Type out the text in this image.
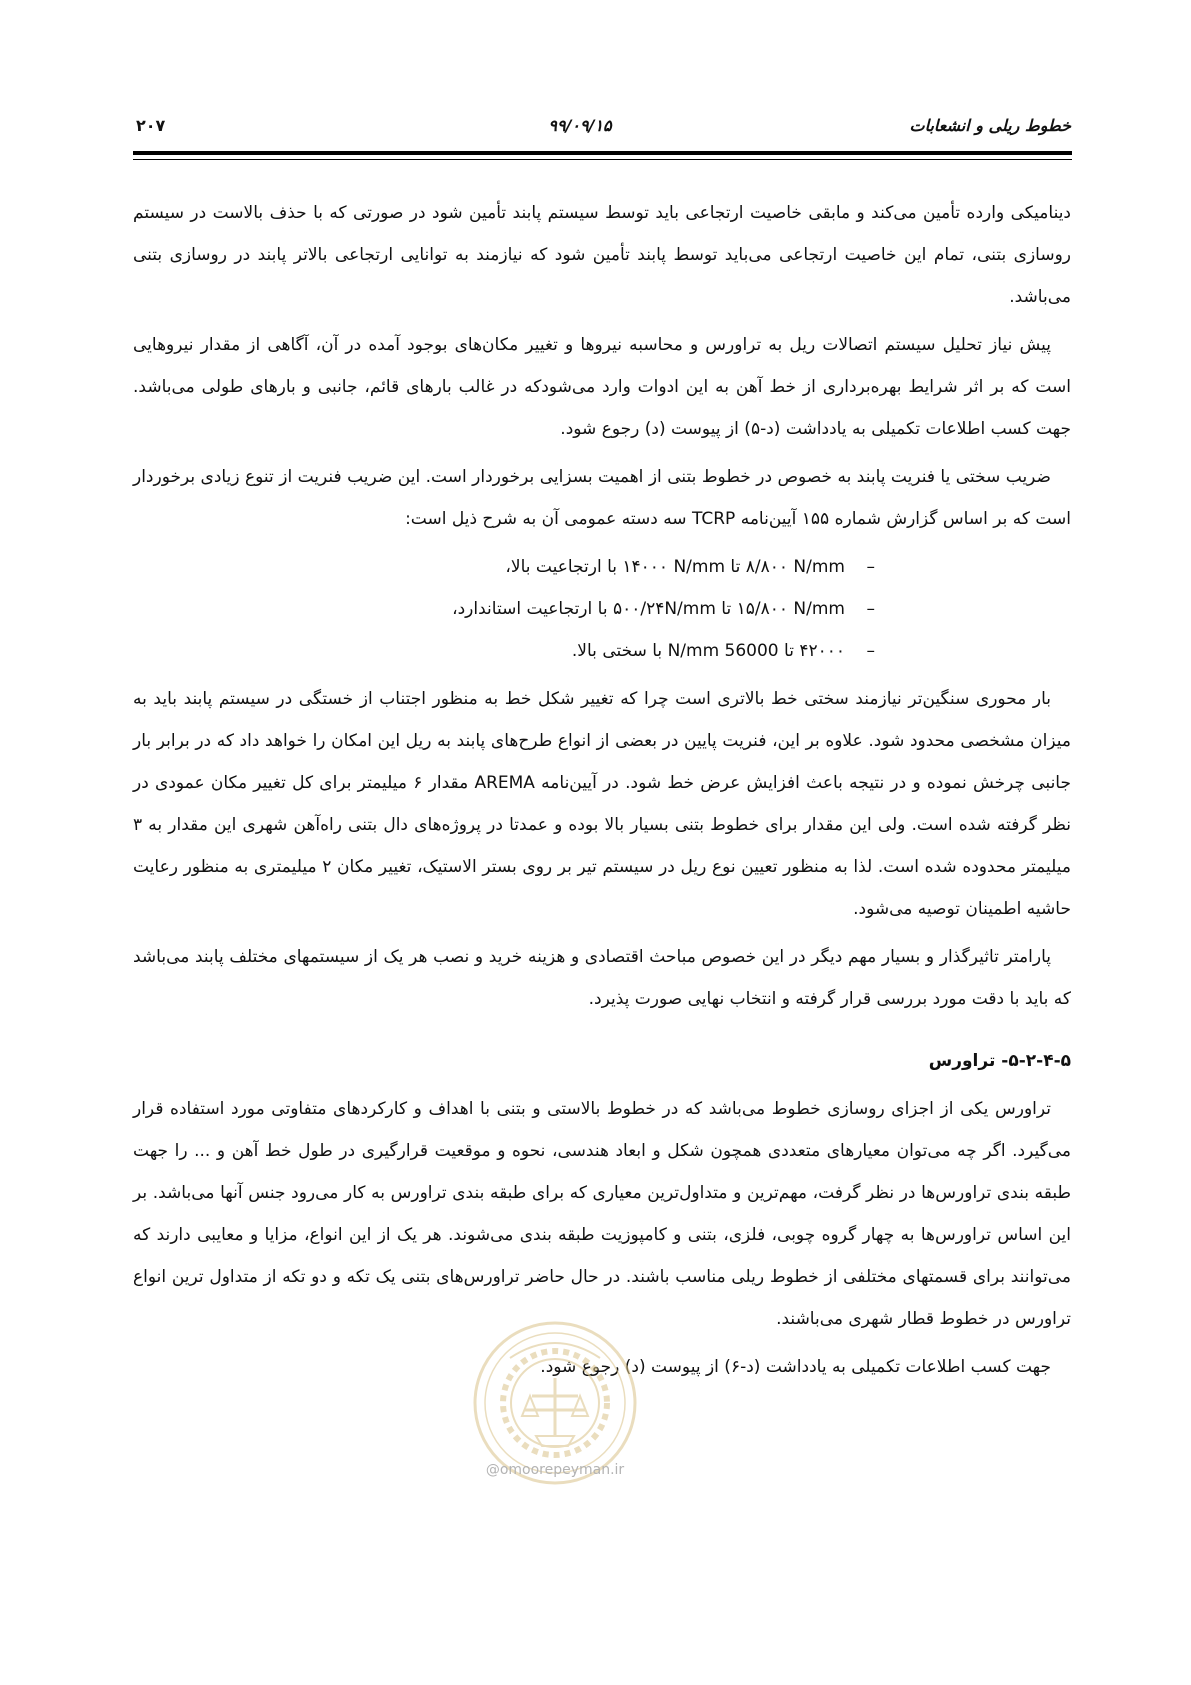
خطوط ریلی و انشعابات
۹۹/۰۹/۱۵
۲۰۷

دینامیکی وارده تأمین می‌کند و مابقی خاصیت ارتجاعی باید توسط سیستم پابند تأمین شود در صورتی که با حذف بالاست در سیستم روسازی بتنی، تمام این خاصیت ارتجاعی می‌باید توسط پابند تأمین شود که نیازمند به توانایی ارتجاعی بالاتر پابند در روسازی بتنی می‌باشد.

پیش نیاز تحلیل سیستم اتصالات ریل به تراورس و محاسبه نیروها و تغییر مکان‌های بوجود آمده در آن، آگاهی از مقدار نیروهایی است که بر اثر شرایط بهره‌برداری از خط آهن به این ادوات وارد می‌شودکه در غالب بارهای قائم، جانبی و بارهای طولی می‌باشد. جهت کسب اطلاعات تکمیلی به یادداشت (د-۵) از پیوست (د) رجوع شود.

ضریب سختی یا فنریت پابند به خصوص در خطوط بتنی از اهمیت بسزایی برخوردار است. این ضریب فنریت از تنوع زیادی برخوردار است که بر اساس گزارش شماره ۱۵۵ آیین‌نامه TCRP سه دسته عمومی آن به شرح ذیل است:

–N/mm‏ ۸/۸۰۰ تا N/mm‏ ۱۴۰۰۰ با ارتجاعیت بالا،
–N/mm‏ ۱۵/۸۰۰ تا ۵۰۰/۲۴N/mm با ارتجاعیت استاندارد،
–۴۲۰۰۰ تا N/mm 56000 با سختی بالا.

بار محوری سنگین‌تر نیازمند سختی خط بالاتری است چرا که تغییر شکل خط به منظور اجتناب از خستگی در سیستم پابند باید به میزان مشخصی محدود شود. علاوه بر این، فنریت پایین در بعضی از انواع طرح‌های پابند به ریل این امکان را خواهد داد که در برابر بار جانبی چرخش نموده و در نتیجه باعث افزایش عرض خط شود. در آیین‌نامه AREMA مقدار ۶ میلیمتر برای کل تغییر مکان عمودی در نظر گرفته شده است. ولی این مقدار برای خطوط بتنی بسیار بالا بوده و عمدتا در پروژه‌های دال بتنی راه‌آهن شهری این مقدار به ۳ میلیمتر محدوده شده است. لذا به منظور تعیین نوع ریل در سیستم تیر بر روی بستر الاستیک، تغییر مکان ۲ میلیمتری به منظور رعایت حاشیه اطمینان توصیه می‌شود.

پارامتر تاثیرگذار و بسیار مهم دیگر در این خصوص مباحث اقتصادی و هزینه خرید و نصب هر یک از سیستمهای مختلف پابند می‌باشد که باید با دقت مورد بررسی قرار گرفته و انتخاب نهایی صورت پذیرد.

۵-۲-۴-۵- تراورس

تراورس یکی از اجزای روسازی خطوط می‌باشد که در خطوط بالاستی و بتنی با اهداف و کارکردهای متفاوتی مورد استفاده قرار می‌گیرد. اگر چه می‌توان معیارهای متعددی همچون شکل و ابعاد هندسی، نحوه و موقعیت قرارگیری در طول خط آهن و ... را جهت طبقه بندی تراورس‌ها در نظر گرفت، مهم‌ترین و متداول‌ترین معیاری که برای طبقه بندی تراورس به کار می‌رود جنس آنها می‌باشد. بر این اساس تراورس‌ها به چهار گروه چوبی، فلزی، بتنی و کامپوزیت طبقه بندی می‌شوند. هر یک از این انواع، مزایا و معایبی دارند که می‌توانند برای قسمتهای مختلفی از خطوط ریلی مناسب باشند. در حال حاضر تراورس‌های بتنی یک تکه و دو تکه از متداول ترین انواع تراورس در خطوط قطار شهری می‌باشند.

جهت کسب اطلاعات تکمیلی به یادداشت (د-۶) از پیوست (د) رجوع شود.

@ omoorepeyman.ir
